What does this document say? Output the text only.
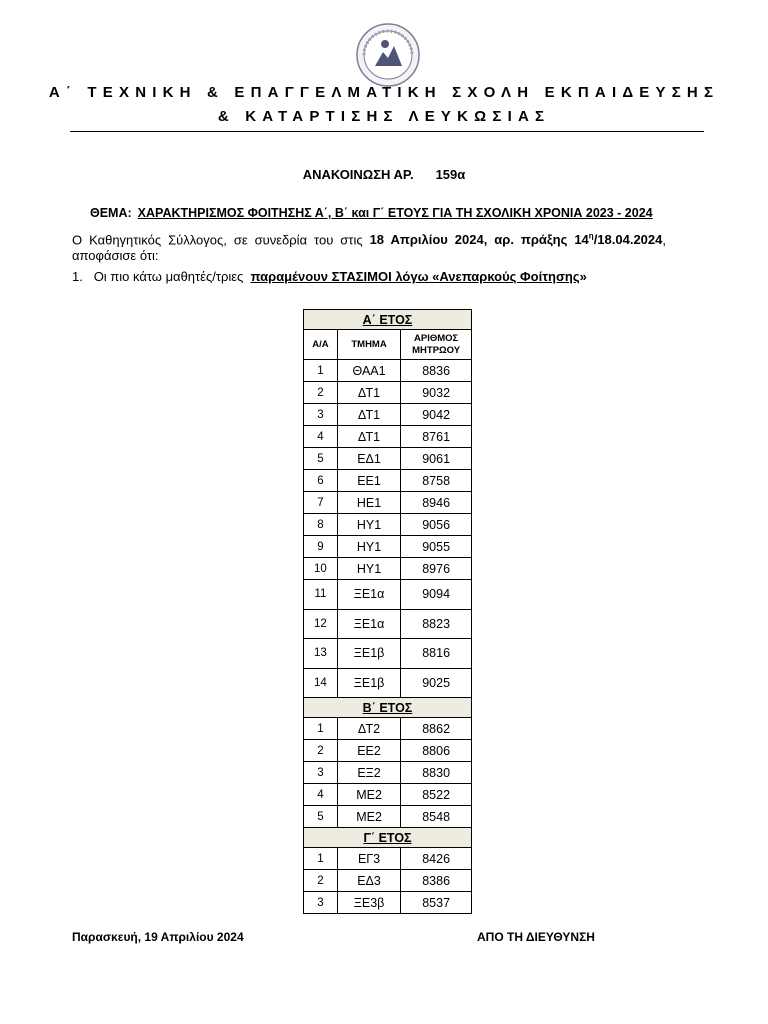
Α΄ ΤΕΧΝΙΚΗ & ΕΠΑΓΓΕΛΜΑΤΙΚΗ ΣΧΟΛΗ ΕΚΠΑΙΔΕΥΣΗΣ
& ΚΑΤΑΡΤΙΣΗΣ ΛΕΥΚΩΣΙΑΣ
ΑΝΑΚΟΙΝΩΣΗ ΑΡ. 159α
ΘΕΜΑ: ΧΑΡΑΚΤΗΡΙΣΜΟΣ ΦΟΙΤΗΣΗΣ Α΄, Β΄ και Γ΄ ΕΤΟΥΣ ΓΙΑ ΤΗ ΣΧΟΛΙΚΗ ΧΡΟΝΙΑ 2023 - 2024
Ο Καθηγητικός Σύλλογος, σε συνεδρία του στις 18 Απριλίου 2024, αρ. πράξης $14^\eta/18.04.2024$,
αποφάσισε ότι:
1. Οι πιο κάτω μαθητές/τριες παραμένουν ΣΤΑΣΙΜΟΙ λόγω «Ανεπαρκούς Φοίτησης»
Α΄ ΕΤΟΣ		
Α/Α	ΤΜΗΜΑ	ΑΡΙΘΜΟΣ
ΜΗΤΡΩΟΥ
1	ΘΑΑ1	8836
2	ΔΤ1	9032
3	ΔΤ1	9042
4	ΔΤ1	8761
5	ΕΔ1	9061
6	ΕΕ1	8758
7	ΗΕ1	8946
8	ΗΥ1	9056
9	ΗΥ1	9055
10	ΗΥ1	8976
11	ΞΕ1α	9094
12	ΞΕ1α	8823
13	ΞΕ1β	8816
14	ΞΕ1β	9025
Β΄ ΕΤΟΣ		
1	ΔΤ2	8862
2	ΕΕ2	8806
3	ΕΞ2	8830
4	ΜΕ2	8522
5	ΜΕ2	8548
Γ΄ ΕΤΟΣ		
1	ΕΓ3	8426
2	ΕΔ3	8386
3	ΞΕ3β	8537
Παρασκευή, 19 Απριλίου 2024	ΑΠΟ ΤΗ ΔΙΕΥΘΥΝΣΗ
